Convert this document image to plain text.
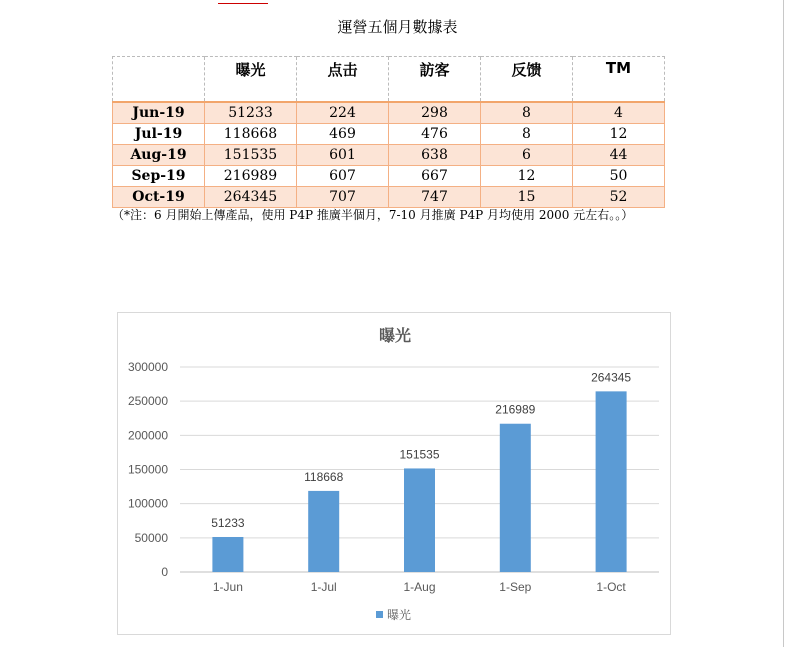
運營五個月數據表
	曝光	点击	訪客	反馈	TM
Jun-19	51233	224	298	8	4
Jul-19	118668	469	476	8	12
Aug-19	151535	601	638	6	44
Sep-19	216989	607	667	12	50
Oct-19	264345	707	747	15	52
（*注：6 月開始上傳產品，使用 P4P 推廣半個月，7-10 月推廣 P4P 月均使用 2000 元左右。。）
曝光
0
50000
100000
150000
200000
250000
300000
51233
1-Jun
118668
1-Jul
151535
1-Aug
216989
1-Sep
264345
1-Oct
曝光
